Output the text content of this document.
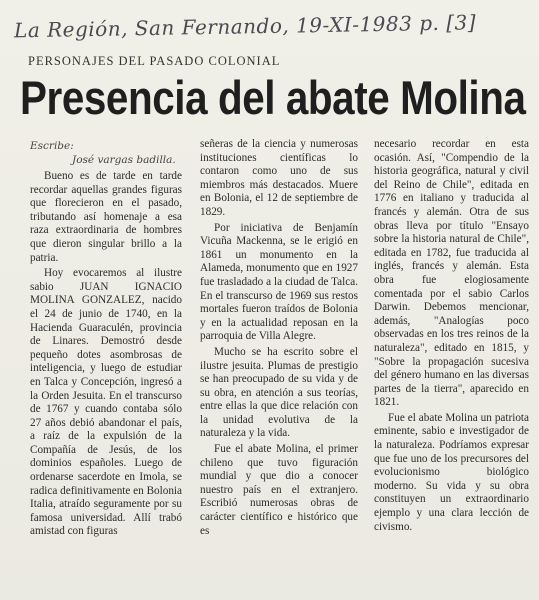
La Región, San Fernando, 19-XI-1983 p. [3]
PERSONAJES DEL PASADO COLONIAL
Presencia del abate Molina
Escribe:
José vargas badilla.

Bueno es de tarde en tarde recordar aquellas grandes figuras que florecieron en el pasado, tributando así homenaje a esa raza extraordinaria de hombres que dieron singular brillo a la patria.

Hoy evocaremos al ilustre sabio JUAN IGNACIO MOLINA GONZALEZ, nacido el 24 de junio de 1740, en la Hacienda Guaraculén, provincia de Linares. Demostró desde pequeño dotes asombrosas de inteligencia, y luego de estudiar en Talca y Concepción, ingresó a la Orden Jesuita. En el transcurso de 1767 y cuando contaba sólo 27 años debió abandonar el país, a raíz de la expulsión de la Compañía de Jesús, de los dominios españoles. Luego de ordenarse sacerdote en Imola, se radica definitivamente en Bolonia Italia, atraído seguramente por su famosa universidad. Allí trabó amistad con figuras

señeras de la ciencia y numerosas instituciones científicas lo contaron como uno de sus miembros más destacados. Muere en Bolonia, el 12 de septiembre de 1829.

Por iniciativa de Benjamín Vicuña Mackenna, se le erigió en 1861 un monumento en la Alameda, monumento que en 1927 fue trasladado a la ciudad de Talca. En el transcurso de 1969 sus restos mortales fueron traídos de Bolonia y en la actualidad reposan en la parroquia de Villa Alegre.

Mucho se ha escrito sobre el ilustre jesuita. Plumas de prestigio se han preocupado de su vida y de su obra, en atención a sus teorías, entre ellas la que dice relación con la unidad evolutiva de la naturaleza y la vida.

Fue el abate Molina, el primer chileno que tuvo figuración mundial y que dio a conocer nuestro país en el extranjero. Escribió numerosas obras de carácter científico e histórico que es

necesario recordar en esta ocasión. Así, "Compendio de la historia geográfica, natural y civil del Reino de Chile", editada en 1776 en italiano y traducida al francés y alemán. Otra de sus obras lleva por título "Ensayo sobre la historia natural de Chile", editada en 1782, fue traducida al inglés, francés y alemán. Esta obra fue elogiosamente comentada por el sabio Carlos Darwin. Debemos mencionar, además, "Analogías poco observadas en los tres reinos de la naturaleza", editado en 1815, y "Sobre la propagación sucesiva del género humano en las diversas partes de la tierra", aparecido en 1821.

Fue el abate Molina un patriota eminente, sabio e investigador de la naturaleza. Podríamos expresar que fue uno de los precursores del evolucionismo biológico moderno. Su vida y su obra constituyen un extraordinario ejemplo y una clara lección de civismo.
